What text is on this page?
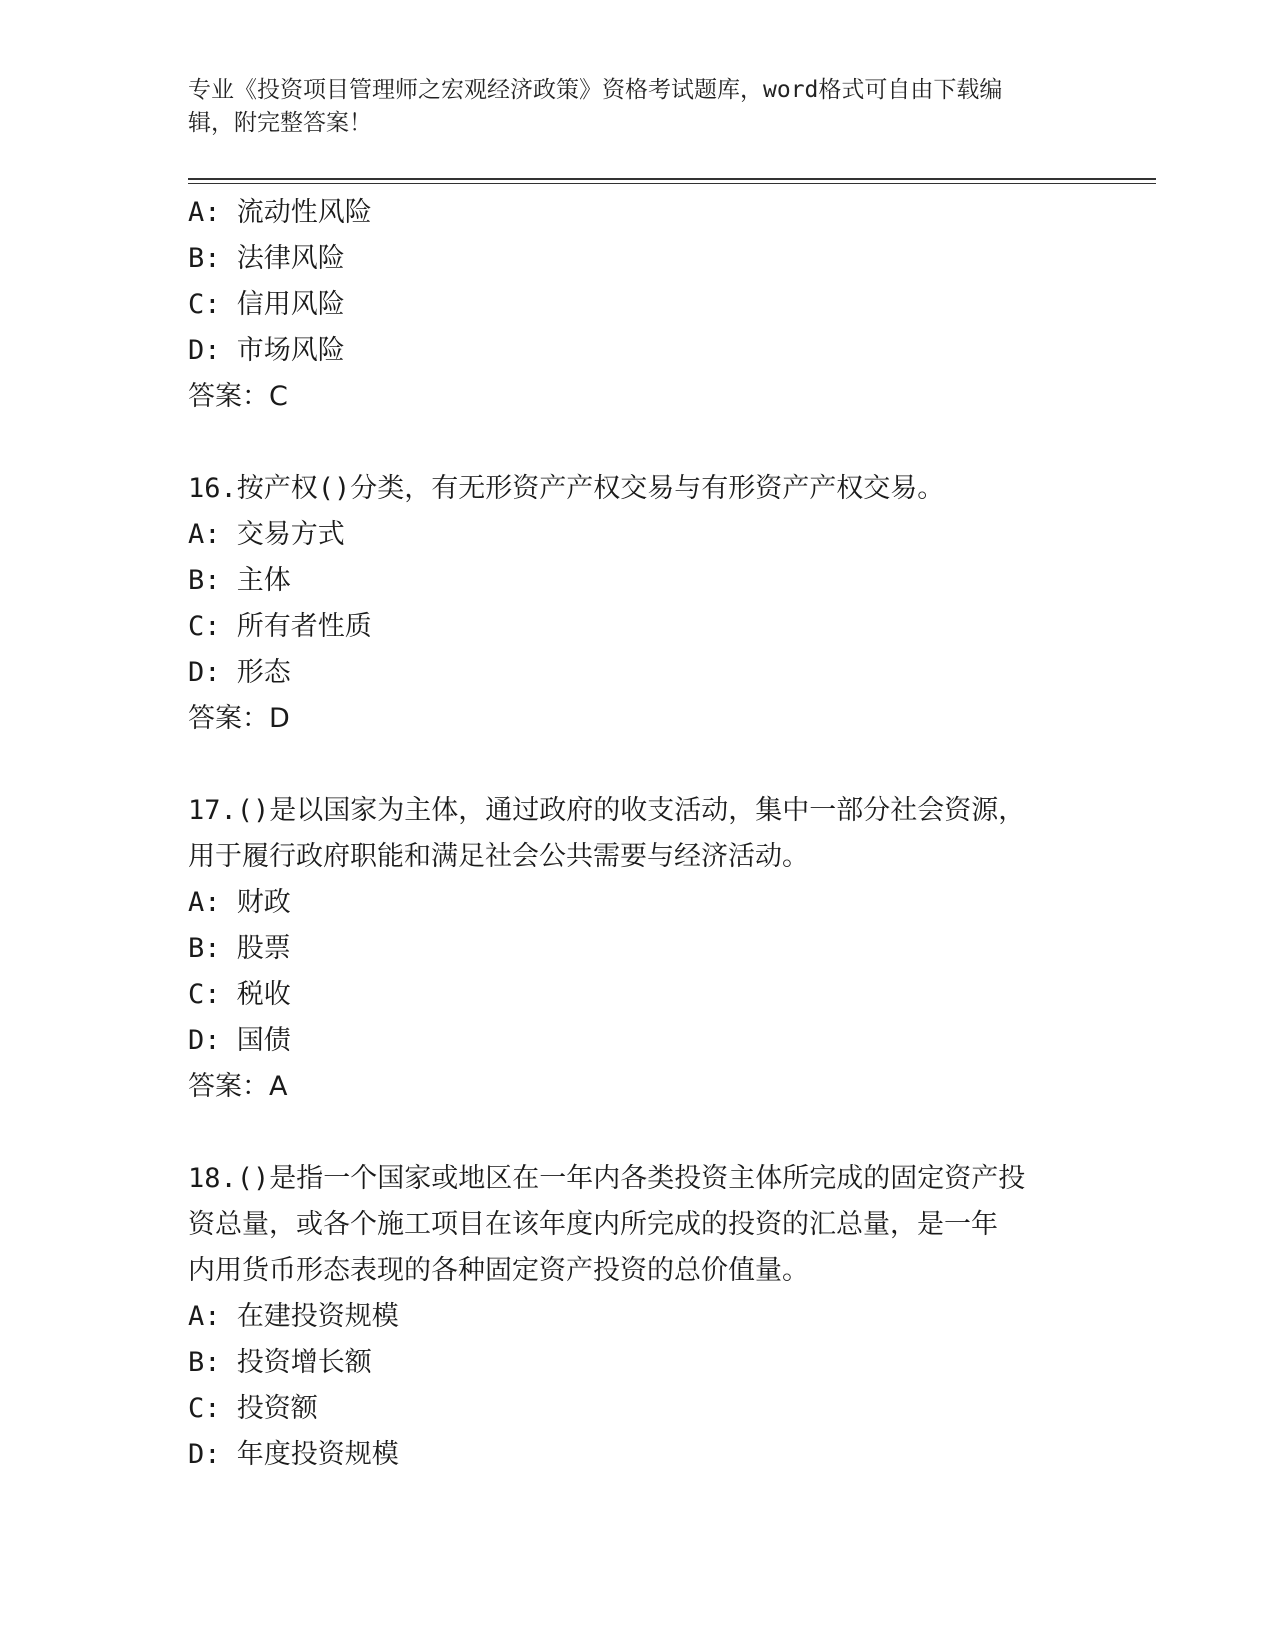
专业《投资项目管理师之宏观经济政策》资格考试题库，word格式可自由下载编
辑，附完整答案！

A: 流动性风险

B: 法律风险

C: 信用风险

D: 市场风险

答案：C

16.按产权()分类，有无形资产产权交易与有形资产产权交易。

A: 交易方式

B: 主体

C: 所有者性质

D: 形态

答案：D

17.()是以国家为主体，通过政府的收支活动，集中一部分社会资源，

用于履行政府职能和满足社会公共需要与经济活动。

A: 财政

B: 股票

C: 税收

D: 国债

答案：A

18.()是指一个国家或地区在一年内各类投资主体所完成的固定资产投

资总量，或各个施工项目在该年度内所完成的投资的汇总量，是一年

内用货币形态表现的各种固定资产投资的总价值量。

A: 在建投资规模

B: 投资增长额

C: 投资额

D: 年度投资规模
